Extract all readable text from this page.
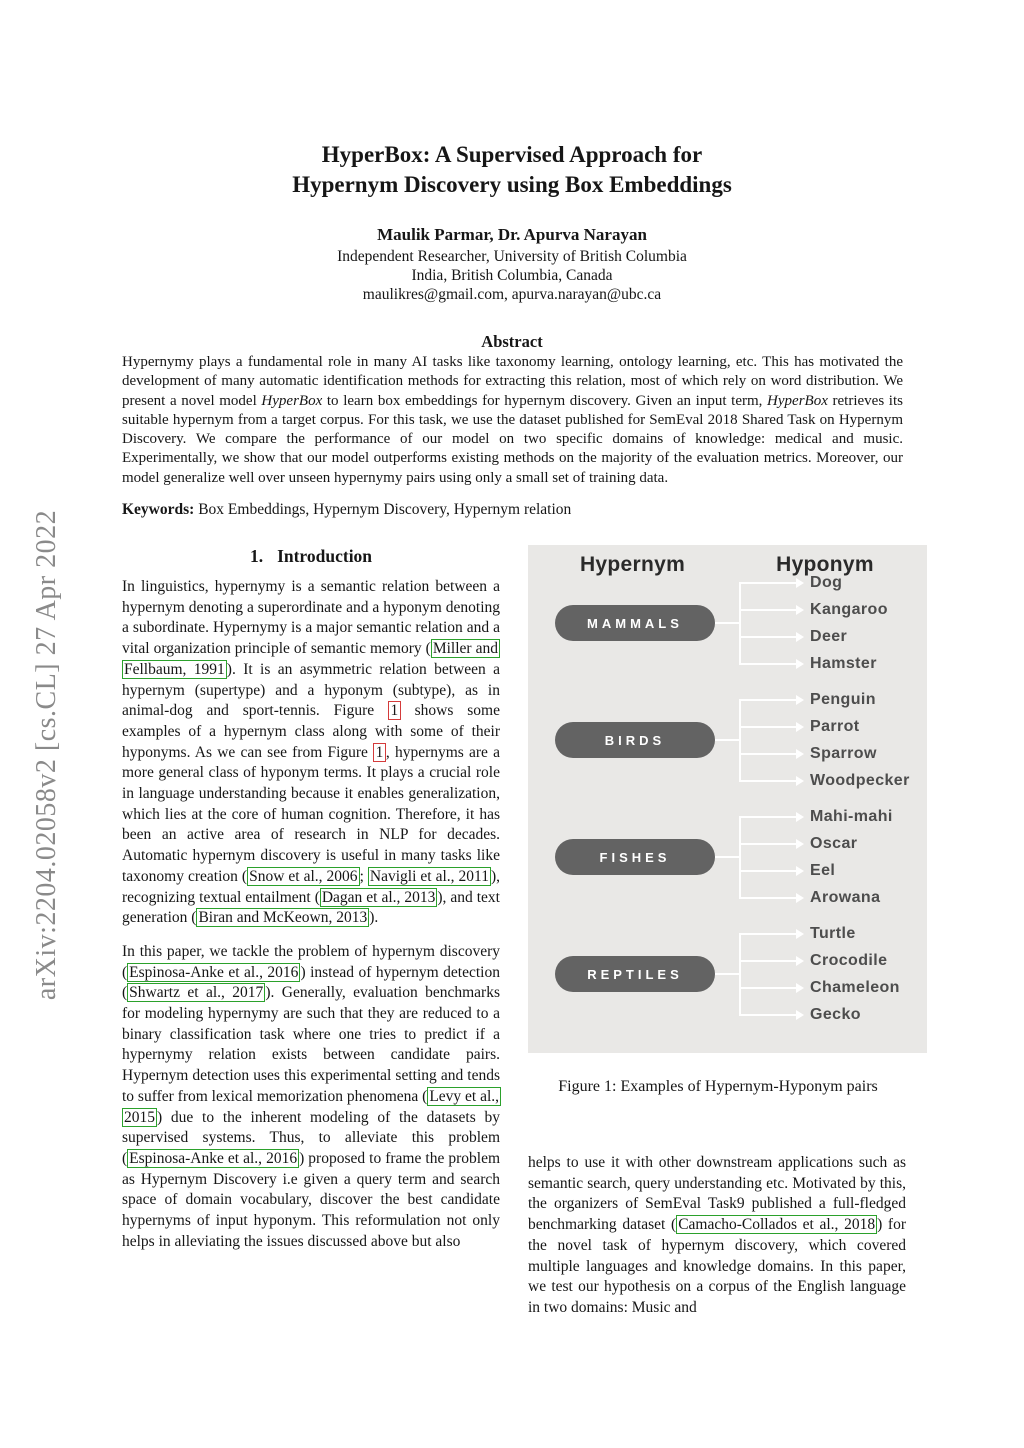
arXiv:2204.02058v2 [cs.CL] 27 Apr 2022
HyperBox: A Supervised Approach for
Hypernym Discovery using Box Embeddings
Maulik Parmar, Dr. Apurva Narayan
Independent Researcher, University of British Columbia
India, British Columbia, Canada
maulikres@gmail.com, apurva.narayan@ubc.ca
Abstract
Hypernymy plays a fundamental role in many AI tasks like taxonomy learning, ontology learning, etc. This has motivated the development of many automatic identification methods for extracting this relation, most of which rely on word distribution. We present a novel model HyperBox to learn box embeddings for hypernym discovery. Given an input term, HyperBox retrieves its suitable hypernym from a target corpus. For this task, we use the dataset published for SemEval 2018 Shared Task on Hypernym Discovery. We compare the performance of our model on two specific domains of knowledge: medical and music. Experimentally, we show that our model outperforms existing methods on the majority of the evaluation metrics. Moreover, our model generalize well over unseen hypernymy pairs using only a small set of training data.
Keywords: Box Embeddings, Hypernym Discovery, Hypernym relation
1. Introduction

In linguistics, hypernymy is a semantic relation between a hypernym denoting a superordinate and a hyponym denoting a subordinate. Hypernymy is a major semantic relation and a vital organization principle of semantic memory ( Miller and Fellbaum, 1991 ). It is an asymmetric relation between a hypernym (supertype) and a hyponym (subtype), as in animal-dog and sport-tennis. Figure 1 shows some examples of a hypernym class along with some of their hyponyms. As we can see from Figure 1 , hypernyms are a more general class of hyponym terms. It plays a crucial role in language understanding because it enables generalization, which lies at the core of human cognition. Therefore, it has been an active area of research in NLP for decades. Automatic hypernym discovery is useful in many tasks like taxonomy creation ( Snow et al., 2006 ; Navigli et al., 2011 ), recognizing textual entailment ( Dagan et al., 2013 ), and text generation ( Biran and McKeown, 2013 ).

In this paper, we tackle the problem of hypernym discovery ( Espinosa-Anke et al., 2016 ) instead of hypernym detection ( Shwartz et al., 2017 ). Generally, evaluation benchmarks for modeling hypernymy are such that they are reduced to a binary classification task where one tries to predict if a hypernymy relation exists between candidate pairs. Hypernym detection uses this experimental setting and tends to suffer from lexical memorization phenomena ( Levy et al., 2015 ) due to the inherent modeling of the datasets by supervised systems. Thus, to alleviate this problem ( Espinosa-Anke et al., 2016 ) proposed to frame the problem as Hypernym Discovery i.e given a query term and search space of domain vocabulary, discover the best candidate hypernyms of input hyponym. This reformulation not only helps in alleviating the issues discussed above but also

Hypernym	Hyponym
MAMMALS
Dog
Kangaroo
Deer
Hamster
BIRDS
Penguin
Parrot
Sparrow
Woodpecker
FISHES
Mahi-mahi
Oscar
Eel
Arowana
REPTILES
Turtle
Crocodile
Chameleon
Gecko
Figure 1: Examples of Hypernym-Hyponym pairs
helps to use it with other downstream applications such as semantic search, query understanding etc. Motivated by this, the organizers of SemEval Task9 published a full-fledged benchmarking dataset ( Camacho-Collados et al., 2018 ) for the novel task of hypernym discovery, which covered multiple languages and knowledge domains. In this paper, we test our hypothesis on a corpus of the English language in two domains: Music and
